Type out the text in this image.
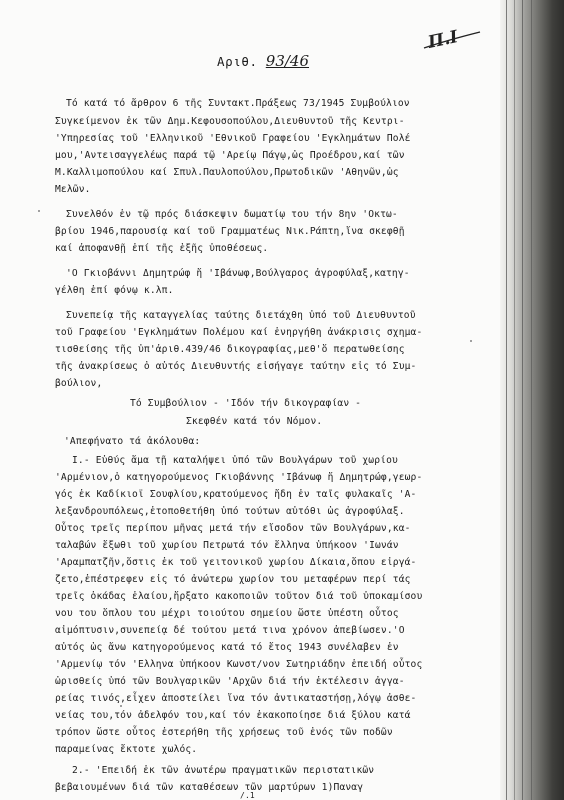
Π.Ι
Αριθ. 93/46
Τό κατά τό ἄρθρον 6 τῆς Συντακτ.Πράξεως 73/1945 Συμβούλιον
Συγκείμενον ἐκ τῶν Δημ.Κεφουσοπούλου,Διευθυντοῦ τῆς Κεντρι-
'Υπηρεσίας τοῦ 'Ελληνικοῦ 'Εθνικοῦ Γραφείου 'Εγκλημάτων Πολέ
μου,'Αντεισαγγελέως παρά τῷ 'Αρείῳ Πάγῳ,ὡς Προέδρου,καί τῶν
Μ.Καλλιμοπούλου καί Σπυλ.Παυλοπούλου,Πρωτοδικῶν 'Αθηνῶν,ὡς
Μελῶν.
Συνελθόν ἐν τῷ πρός διάσκεψιν δωματίῳ του τήν 8ην 'Οκτω-
βρίου 1946,παρουσίᾳ καί τοῦ Γραμματέως Νικ.Ράπτη,ἵνα σκεφθῇ
καί ἀποφανθῇ ἐπί τῆς ἑξῆς ὑποθέσεως.
'Ο Γκιοβάννι Δημητρώφ ἤ 'Ιβάνωφ,Βούλγαρος ἀγροφύλαξ,κατηγ-
γέλθη ἐπί φόνῳ κ.λπ.
Συνεπείᾳ τῆς καταγγελίας ταύτης διετάχθη ὑπό τοῦ Διευθυντοῦ
τοῦ Γραφείου 'Εγκλημάτων Πολέμου καί ἐνηργήθη ἀνάκρισις σχημα-
τισθείσης τῆς ὑπ'ἀριθ.439/46 δικογραφίας,μεθ'ὅ περατωθείσης
τῆς ἀνακρίσεως ὁ αὐτός Διευθυντής εἰσήγαγε ταύτην εἰς τό Συμ-
βούλιον,
Τό Συμβούλιον - 'Ιδόν τήν δικογραφίαν -
Σκεφθέν κατά τόν Νόμον.
'Απεφήνατο τά ἀκόλουθα:
I.- Εὐθύς ἅμα τῇ καταλήψει ὑπό τῶν Βουλγάρων τοῦ χωρίου
'Αρμένιον,ὁ κατηγορούμενος Γκιοβάννης 'Ιβάνωφ ἤ Δημητρώφ,γεωρ-
γός ἐκ Καδίκιοϊ Σουφλίου,κρατούμενος ἤδη ἐν ταῖς φυλακαῖς 'Α-
λεξανδρουπόλεως,ἐτοποθετήθη ὑπό τούτων αὐτόθι ὡς ἀγροφύλαξ.
Οὗτος τρεῖς περίπου μῆνας μετά τήν εἴσοδον τῶν Βουλγάρων,κα-
ταλαβών ἔξωθι τοῦ χωρίου Πετρωτά τόν ἕλληνα ὑπήκοον 'Ιωνάν
'Αραμπατζῆν,ὅστις ἐκ τοῦ γειτονικοῦ χωρίου Δίκαια,ὅπου εἰργά-
ζετο,ἐπέστρεφεν εἰς τό ἀνώτερω χωρίον του μεταφέρων περί τάς
τρεῖς ὀκάδας ἐλαίου,ἤρξατο κακοποιῶν τοῦτον διά τοῦ ὑποκαμίσου
νου του ὅπλου του μέχρι τοιούτου σημείου ὥστε ὑπέστη οὗτος
αἱμόπτυσιν,συνεπείᾳ δέ τούτου μετά τινα χρόνον ἀπεβίωσεν.'Ο
αὐτός ὡς ἄνω κατηγορούμενος κατά τό ἔτος 1943 συνέλαβεν ἐν
'Αρμενίῳ τόν 'Ελληνα ὑπήκοον Κωνστ/νον Σωτηριάδην ἐπειδή οὗτος
ὡρισθείς ὑπό τῶν Βουλγαρικῶν 'Αρχῶν διά τήν ἐκτέλεσιν ἀγγα-
ρείας τινός,εἶχεν ἀποστείλει ἵνα τόν ἀντικαταστήσῃ,λόγῳ ἀσθε-
νείας του,τόν ἀδελφόν του,καί τόν ἐκακοποίησε διά ξύλου κατά
τρόπον ὥστε οὗτος ἐστερήθη τῆς χρήσεως τοῦ ἑνός τῶν ποδῶν
παραμείνας ἔκτοτε χωλός.
2.- 'Επειδή ἐκ τῶν ἀνωτέρω πραγματικῶν περιστατικῶν
βεβαιουμένων διά τῶν καταθέσεων τῶν μαρτύρων 1)Παναγ
/.1
